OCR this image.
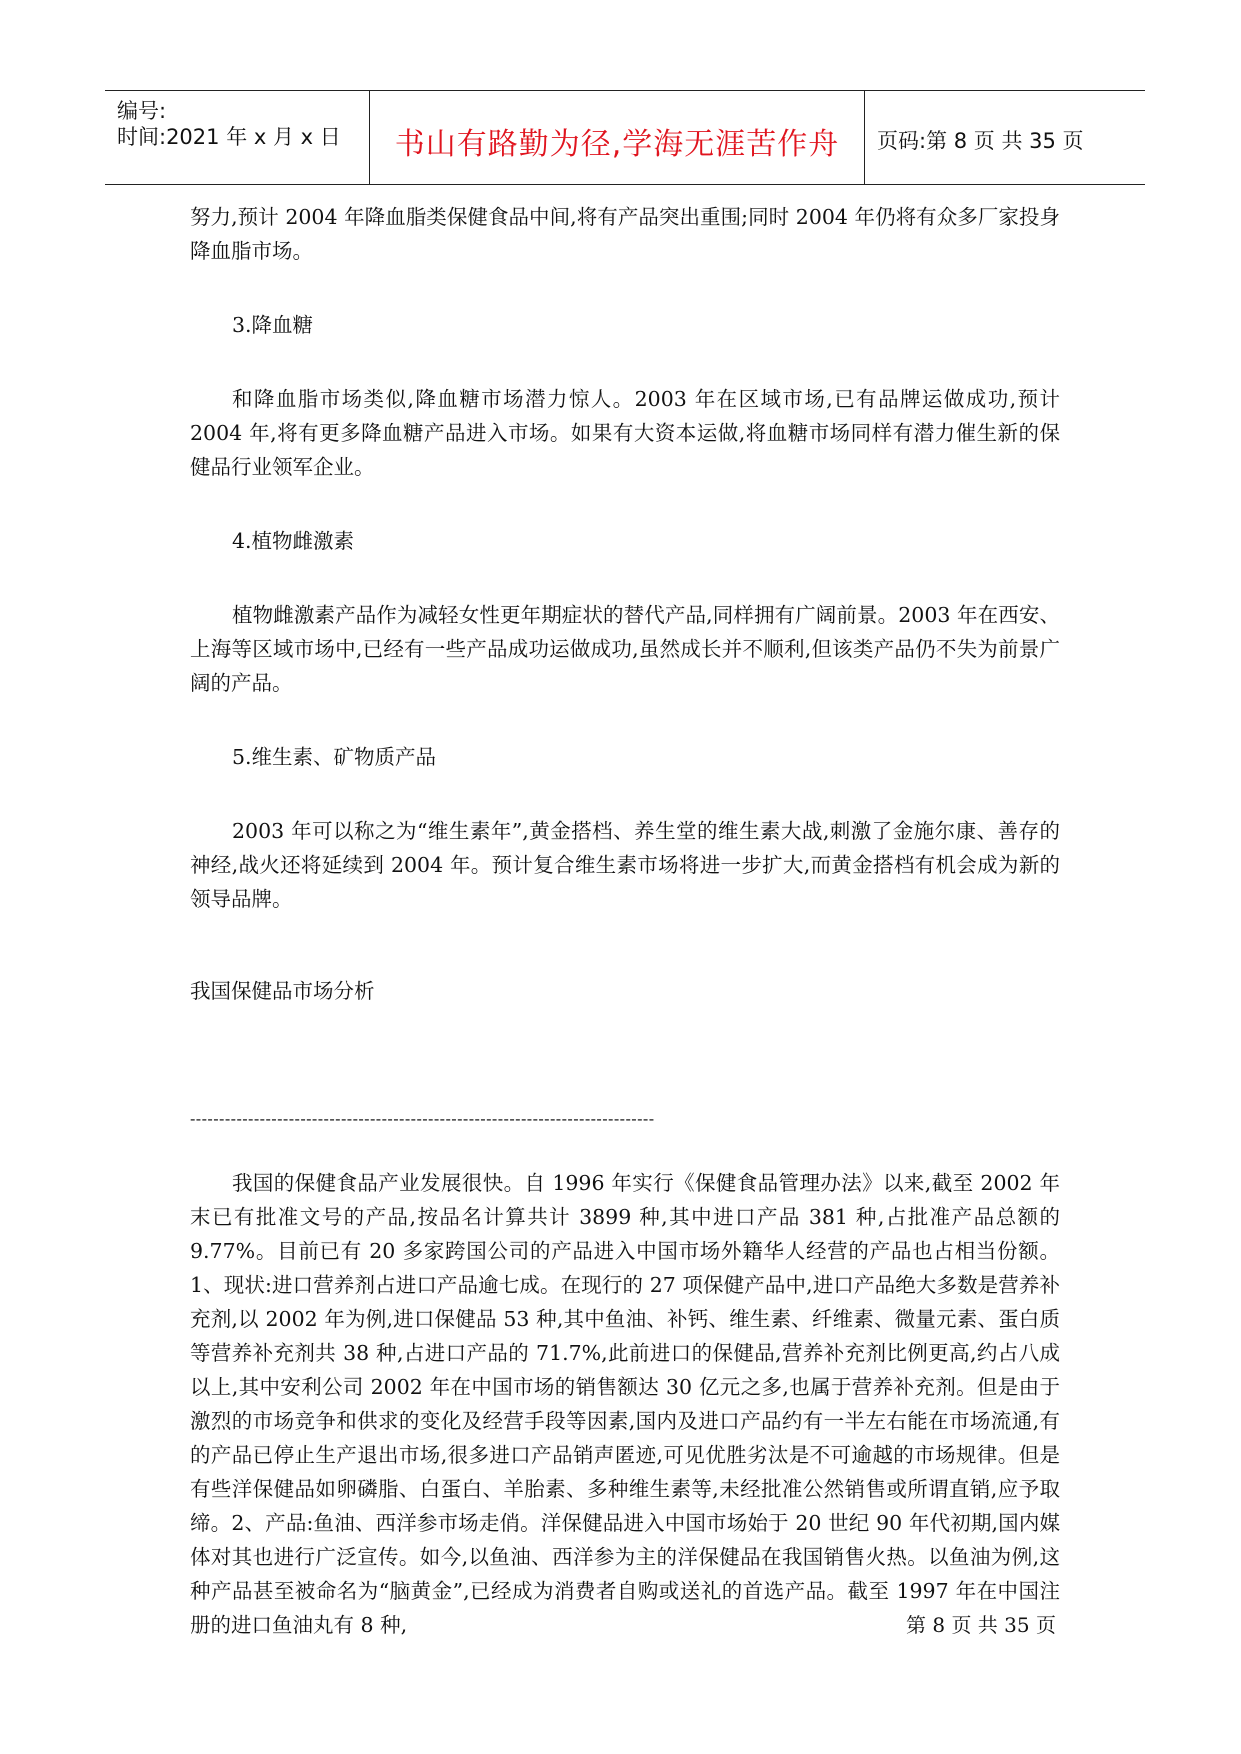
编号:
时间:2021 年 x 月 x 日	书山有路勤为径,学海无涯苦作舟	页码:第 8 页 共 35 页

努力,预计 2004 年降血脂类保健食品中间,将有产品突出重围;同时 2004 年仍将有众多厂家投身降血脂市场。

3.降血糖

和降血脂市场类似,降血糖市场潜力惊人。2003 年在区域市场,已有品牌运做成功,预计 2004 年,将有更多降血糖产品进入市场。如果有大资本运做,将血糖市场同样有潜力催生新的保健品行业领军企业。

4.植物雌激素

植物雌激素产品作为减轻女性更年期症状的替代产品,同样拥有广阔前景。2003 年在西安、上海等区域市场中,已经有一些产品成功运做成功,虽然成长并不顺利,但该类产品仍不失为前景广阔的产品。

5.维生素、矿物质产品

2003 年可以称之为“维生素年”,黄金搭档、养生堂的维生素大战,刺激了金施尔康、善存的神经,战火还将延续到 2004 年。预计复合维生素市场将进一步扩大,而黄金搭档有机会成为新的领导品牌。

我国保健品市场分析

--------------------------------------------------------------------------------

我国的保健食品产业发展很快。自 1996 年实行《保健食品管理办法》以来,截至 2002 年末已有批准文号的产品,按品名计算共计 3899 种,其中进口产品 381 种,占批准产品总额的 9.77%。目前已有 20 多家跨国公司的产品进入中国市场外籍华人经营的产品也占相当份额。1、现状:进口营养剂占进口产品逾七成。在现行的 27 项保健产品中,进口产品绝大多数是营养补充剂,以 2002 年为例,进口保健品 53 种,其中鱼油、补钙、维生素、纤维素、微量元素、蛋白质等营养补充剂共 38 种,占进口产品的 71.7%,此前进口的保健品,营养补充剂比例更高,约占八成以上,其中安利公司 2002 年在中国市场的销售额达 30 亿元之多,也属于营养补充剂。但是由于激烈的市场竞争和供求的变化及经营手段等因素,国内及进口产品约有一半左右能在市场流通,有的产品已停止生产退出市场,很多进口产品销声匿迹,可见优胜劣汰是不可逾越的市场规律。但是有些洋保健品如卵磷脂、白蛋白、羊胎素、多种维生素等,未经批准公然销售或所谓直销,应予取缔。2、产品:鱼油、西洋参市场走俏。洋保健品进入中国市场始于 20 世纪 90 年代初期,国内媒体对其也进行广泛宣传。如今,以鱼油、西洋参为主的洋保健品在我国销售火热。以鱼油为例,这种产品甚至被命名为“脑黄金”,已经成为消费者自购或送礼的首选产品。截至 1997 年在中国注册的进口鱼油丸有 8 种,	第 8 页 共 35 页
